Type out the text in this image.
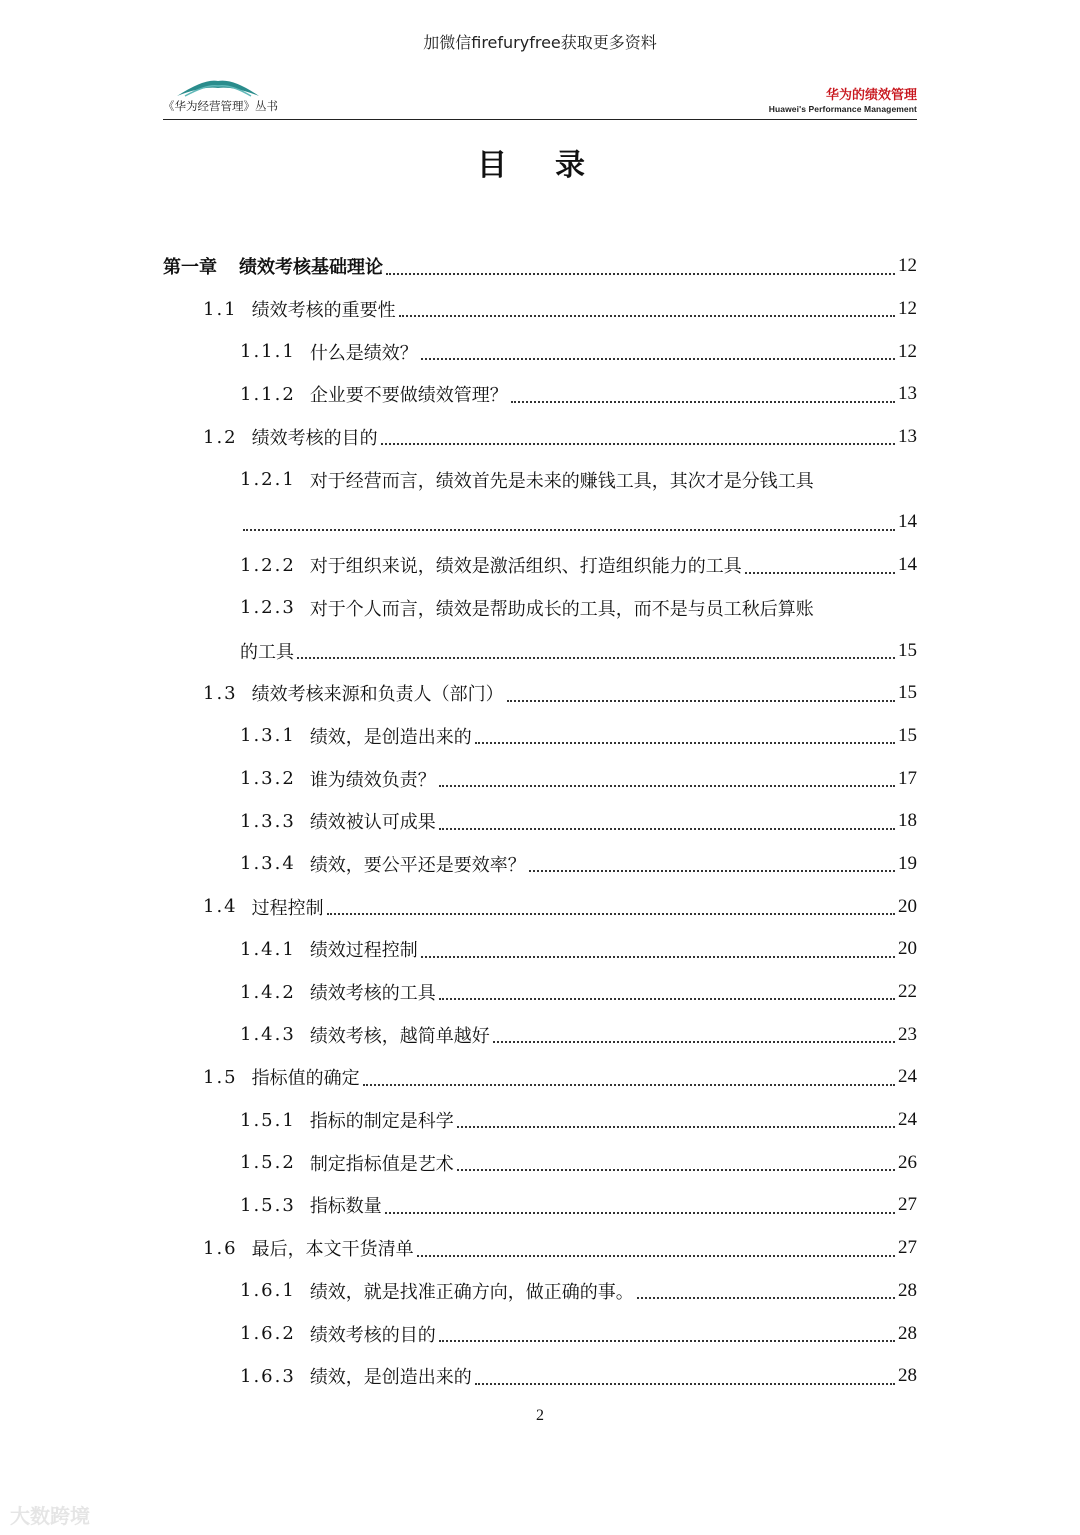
加微信firefuryfree获取更多资料
《华为经营管理》丛书
华为的绩效管理
Huawei's Performance Management
目录
第一章 绩效考核基础理论	12
1.1 绩效考核的重要性	12
1.1.1 什么是绩效？	12
1.1.2 企业要不要做绩效管理？	13
1.2 绩效考核的目的	13
1.2.1 对于经营而言，绩效首先是未来的赚钱工具，其次才是分钱工具
14
1.2.2 对于组织来说，绩效是激活组织、打造组织能力的工具	14
1.2.3 对于个人而言，绩效是帮助成长的工具，而不是与员工秋后算账
的工具	15
1.3 绩效考核来源和负责人（部门）	15
1.3.1 绩效，是创造出来的	15
1.3.2 谁为绩效负责？	17
1.3.3 绩效被认可成果	18
1.3.4 绩效，要公平还是要效率？	19
1.4 过程控制	20
1.4.1 绩效过程控制	20
1.4.2 绩效考核的工具	22
1.4.3 绩效考核，越简单越好	23
1.5 指标值的确定	24
1.5.1 指标的制定是科学	24
1.5.2 制定指标值是艺术	26
1.5.3 指标数量	27
1.6 最后，本文干货清单	27
1.6.1 绩效，就是找准正确方向，做正确的事。	28
1.6.2 绩效考核的目的	28
1.6.3 绩效，是创造出来的	28
2
大数跨境
